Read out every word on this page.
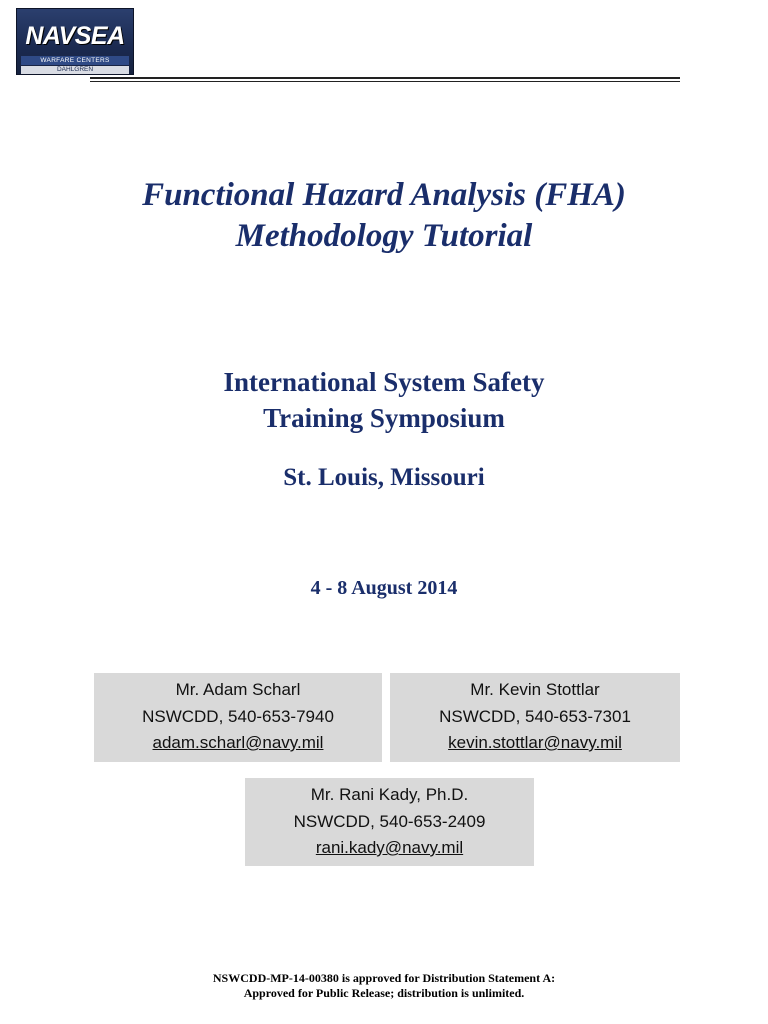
NAVSEA
WARFARE CENTERS
DAHLGREN
Functional Hazard Analysis (FHA)
Methodology Tutorial
International System Safety
Training Symposium
St. Louis, Missouri
4 - 8 August 2014
Mr. Adam Scharl
NSWCDD, 540-653-7940
adam.scharl@navy.mil
Mr. Kevin Stottlar
NSWCDD, 540-653-7301
kevin.stottlar@navy.mil
Mr. Rani Kady, Ph.D.
NSWCDD, 540-653-2409
rani.kady@navy.mil
NSWCDD-MP-14-00380 is approved for Distribution Statement A:
Approved for Public Release; distribution is unlimited.
